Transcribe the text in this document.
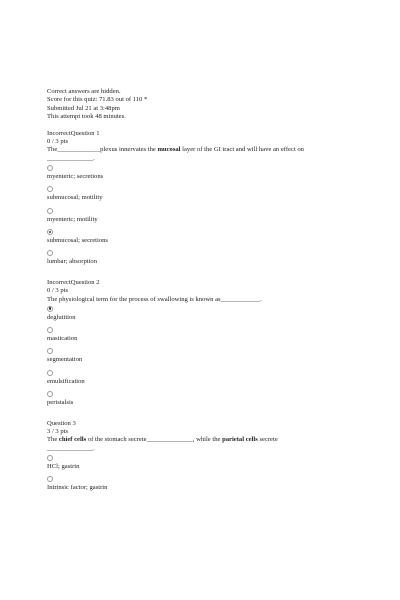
Correct answers are hidden.
Score for this quiz: 71.83 out of 110 *
Submitted Jul 21 at 3:48pm
This attempt took 48 minutes.
IncorrectQuestion 1
0 / 3 pts
The_____________plexus innervates the mucosal layer of the GI tract and will have an effect on
______________.
myenteric; secretions
submucosal; motility
myenteric; motility
submucosal; secretions
lumbar; absorption
IncorrectQuestion 2
0 / 3 pts
The physiological term for the process of swallowing is known as____________.
deglutition
mastication
segmentation
emulsification
peristalsis
Question 3
3 / 3 pts
The chief cells of the stomach secrete______________, while the parietal cells secrete
______________.
HCl; gastrin
Intrinsic factor; gastrin
